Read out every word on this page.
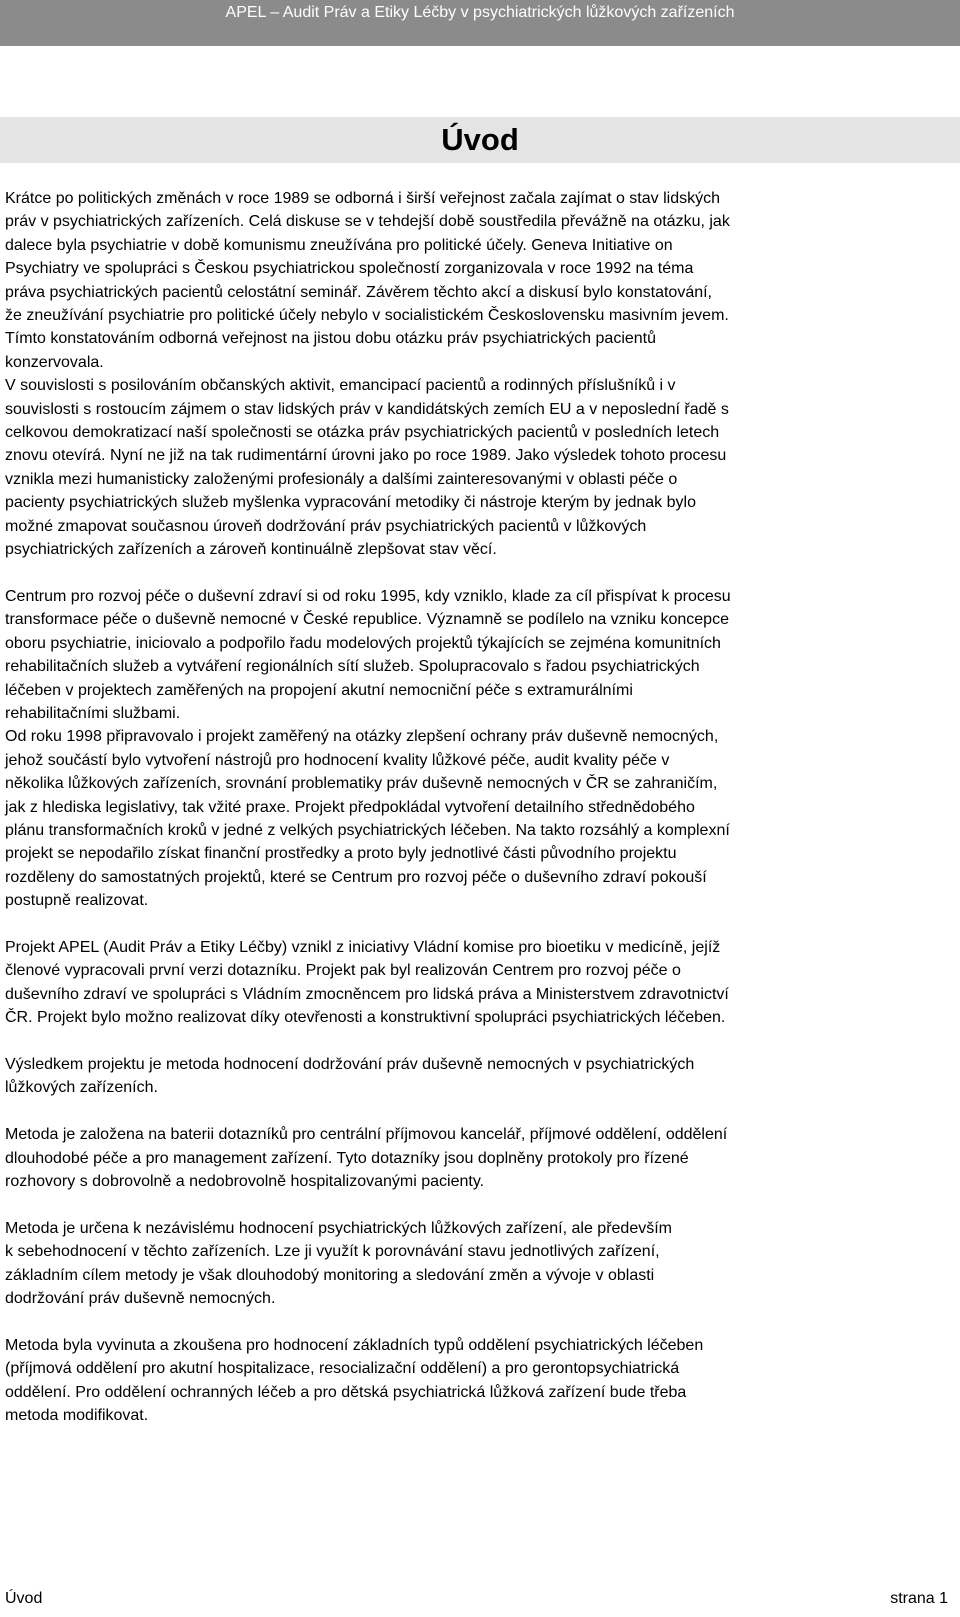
APEL – Audit Práv a Etiky Léčby v psychiatrických lůžkových zařízeních
Úvod

Krátce po politických změnách v roce 1989 se odborná i širší veřejnost začala zajímat o stav lidských
práv v psychiatrických zařízeních. Celá diskuse se v tehdejší době soustředila převážně na otázku, jak
dalece byla psychiatrie v době komunismu zneužívána pro politické účely. Geneva Initiative on
Psychiatry ve spolupráci s Českou psychiatrickou společností zorganizovala v roce 1992 na téma
práva psychiatrických pacientů celostátní seminář. Závěrem těchto akcí a diskusí bylo konstatování,
že zneužívání psychiatrie pro politické účely nebylo v socialistickém Československu masivním jevem.
Tímto konstatováním odborná veřejnost na jistou dobu otázku práv psychiatrických pacientů
konzervovala.

V souvislosti s posilováním občanských aktivit, emancipací pacientů a rodinných příslušníků i v
souvislosti s rostoucím zájmem o stav lidských práv v kandidátských zemích EU a v neposlední řadě s
celkovou demokratizací naší společnosti se otázka práv psychiatrických pacientů v posledních letech
znovu otevírá. Nyní ne již na tak rudimentární úrovni jako po roce 1989. Jako výsledek tohoto procesu
vznikla mezi humanisticky založenými profesionály a dalšími zainteresovanými v oblasti péče o
pacienty psychiatrických služeb myšlenka vypracování metodiky či nástroje kterým by jednak bylo
možné zmapovat současnou úroveň dodržování práv psychiatrických pacientů v lůžkových
psychiatrických zařízeních a zároveň kontinuálně zlepšovat stav věcí.

Centrum pro rozvoj péče o duševní zdraví si od roku 1995, kdy vzniklo, klade za cíl přispívat k procesu
transformace péče o duševně nemocné v České republice. Významně se podílelo na vzniku koncepce
oboru psychiatrie, iniciovalo a podpořilo řadu modelových projektů týkajících se zejména komunitních
rehabilitačních služeb a vytváření regionálních sítí služeb. Spolupracovalo s řadou psychiatrických
léčeben v projektech zaměřených na propojení akutní nemocniční péče s extramurálními
rehabilitačními službami.

Od roku 1998 připravovalo i projekt zaměřený na otázky zlepšení ochrany práv duševně nemocných,
jehož součástí bylo vytvoření nástrojů pro hodnocení kvality lůžkové péče, audit kvality péče v
několika lůžkových zařízeních, srovnání problematiky práv duševně nemocných v ČR se zahraničím,
jak z hlediska legislativy, tak vžité praxe. Projekt předpokládal vytvoření detailního střednědobého
plánu transformačních kroků v jedné z velkých psychiatrických léčeben. Na takto rozsáhlý a komplexní
projekt se nepodařilo získat finanční prostředky a proto byly jednotlivé části původního projektu
rozděleny do samostatných projektů, které se Centrum pro rozvoj péče o duševního zdraví pokouší
postupně realizovat.

Projekt APEL (Audit Práv a Etiky Léčby) vznikl z iniciativy Vládní komise pro bioetiku v medicíně, jejíž
členové vypracovali první verzi dotazníku. Projekt pak byl realizován Centrem pro rozvoj péče o
duševního zdraví ve spolupráci s Vládním zmocněncem pro lidská práva a Ministerstvem zdravotnictví
ČR. Projekt bylo možno realizovat díky otevřenosti a konstruktivní spolupráci psychiatrických léčeben.

Výsledkem projektu je metoda hodnocení dodržování práv duševně nemocných v psychiatrických
lůžkových zařízeních.

Metoda je založena na baterii dotazníků pro centrální příjmovou kancelář, příjmové oddělení, oddělení
dlouhodobé péče a pro management zařízení. Tyto dotazníky jsou doplněny protokoly pro řízené
rozhovory s dobrovolně a nedobrovolně hospitalizovanými pacienty.

Metoda je určena k nezávislému hodnocení psychiatrických lůžkových zařízení, ale především
k sebehodnocení v těchto zařízeních. Lze ji využít k porovnávání stavu jednotlivých zařízení,
základním cílem metody je však dlouhodobý monitoring a sledování změn a vývoje v oblasti
dodržování práv duševně nemocných.

Metoda byla vyvinuta a zkoušena pro hodnocení základních typů oddělení psychiatrických léčeben
(příjmová oddělení pro akutní hospitalizace, resocializační oddělení) a pro gerontopsychiatrická
oddělení. Pro oddělení ochranných léčeb a pro dětská psychiatrická lůžková zařízení bude třeba
metoda modifikovat.

Úvod	strana 1
